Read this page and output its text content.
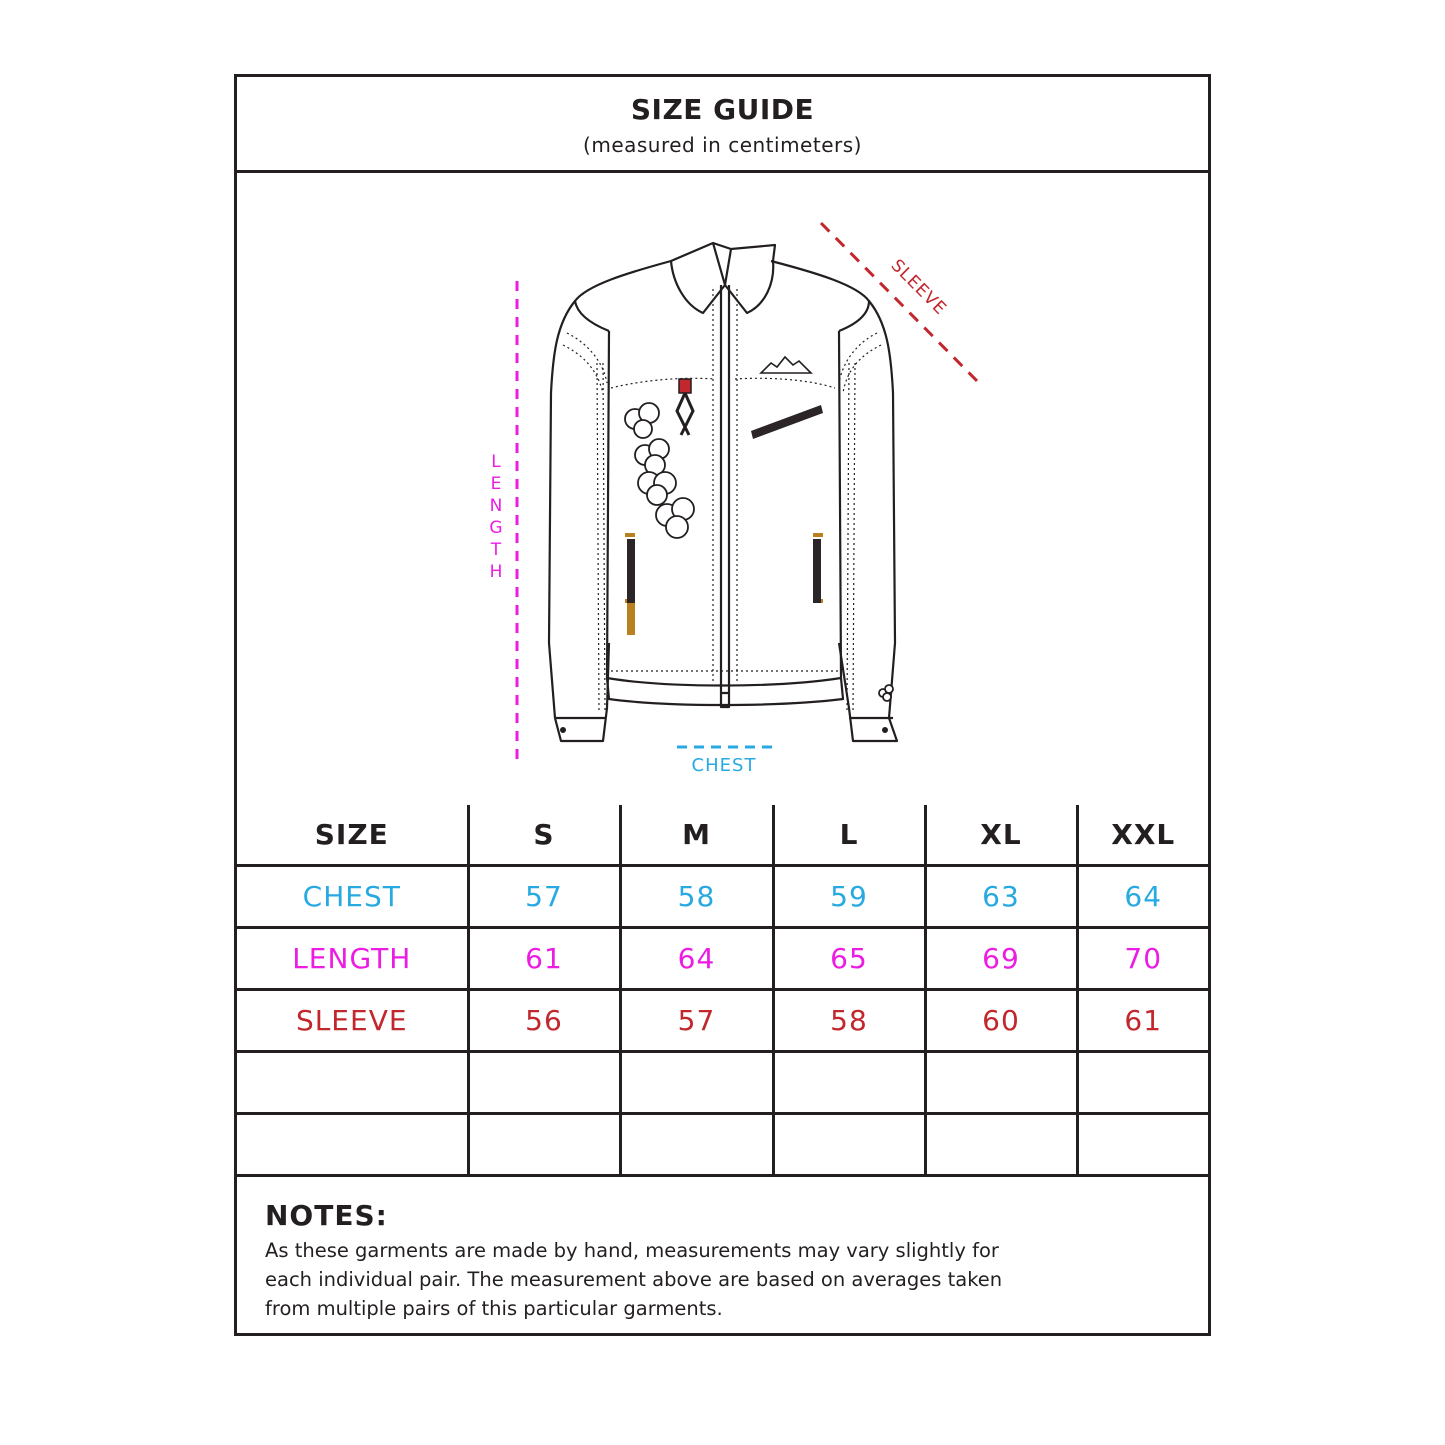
SIZE GUIDE
(measured in centimeters)
L
E
N
G
T
H
SLEEVE
CHEST
SIZE	S	M	L	XL	XXL
CHEST	57	58	59	63	64
LENGTH	61	64	65	69	70
SLEEVE	56	57	58	60	61

NOTES:
As these garments are made by hand, measurements may vary slightly for
each individual pair. The measurement above are based on averages taken
from multiple pairs of this particular garments.
